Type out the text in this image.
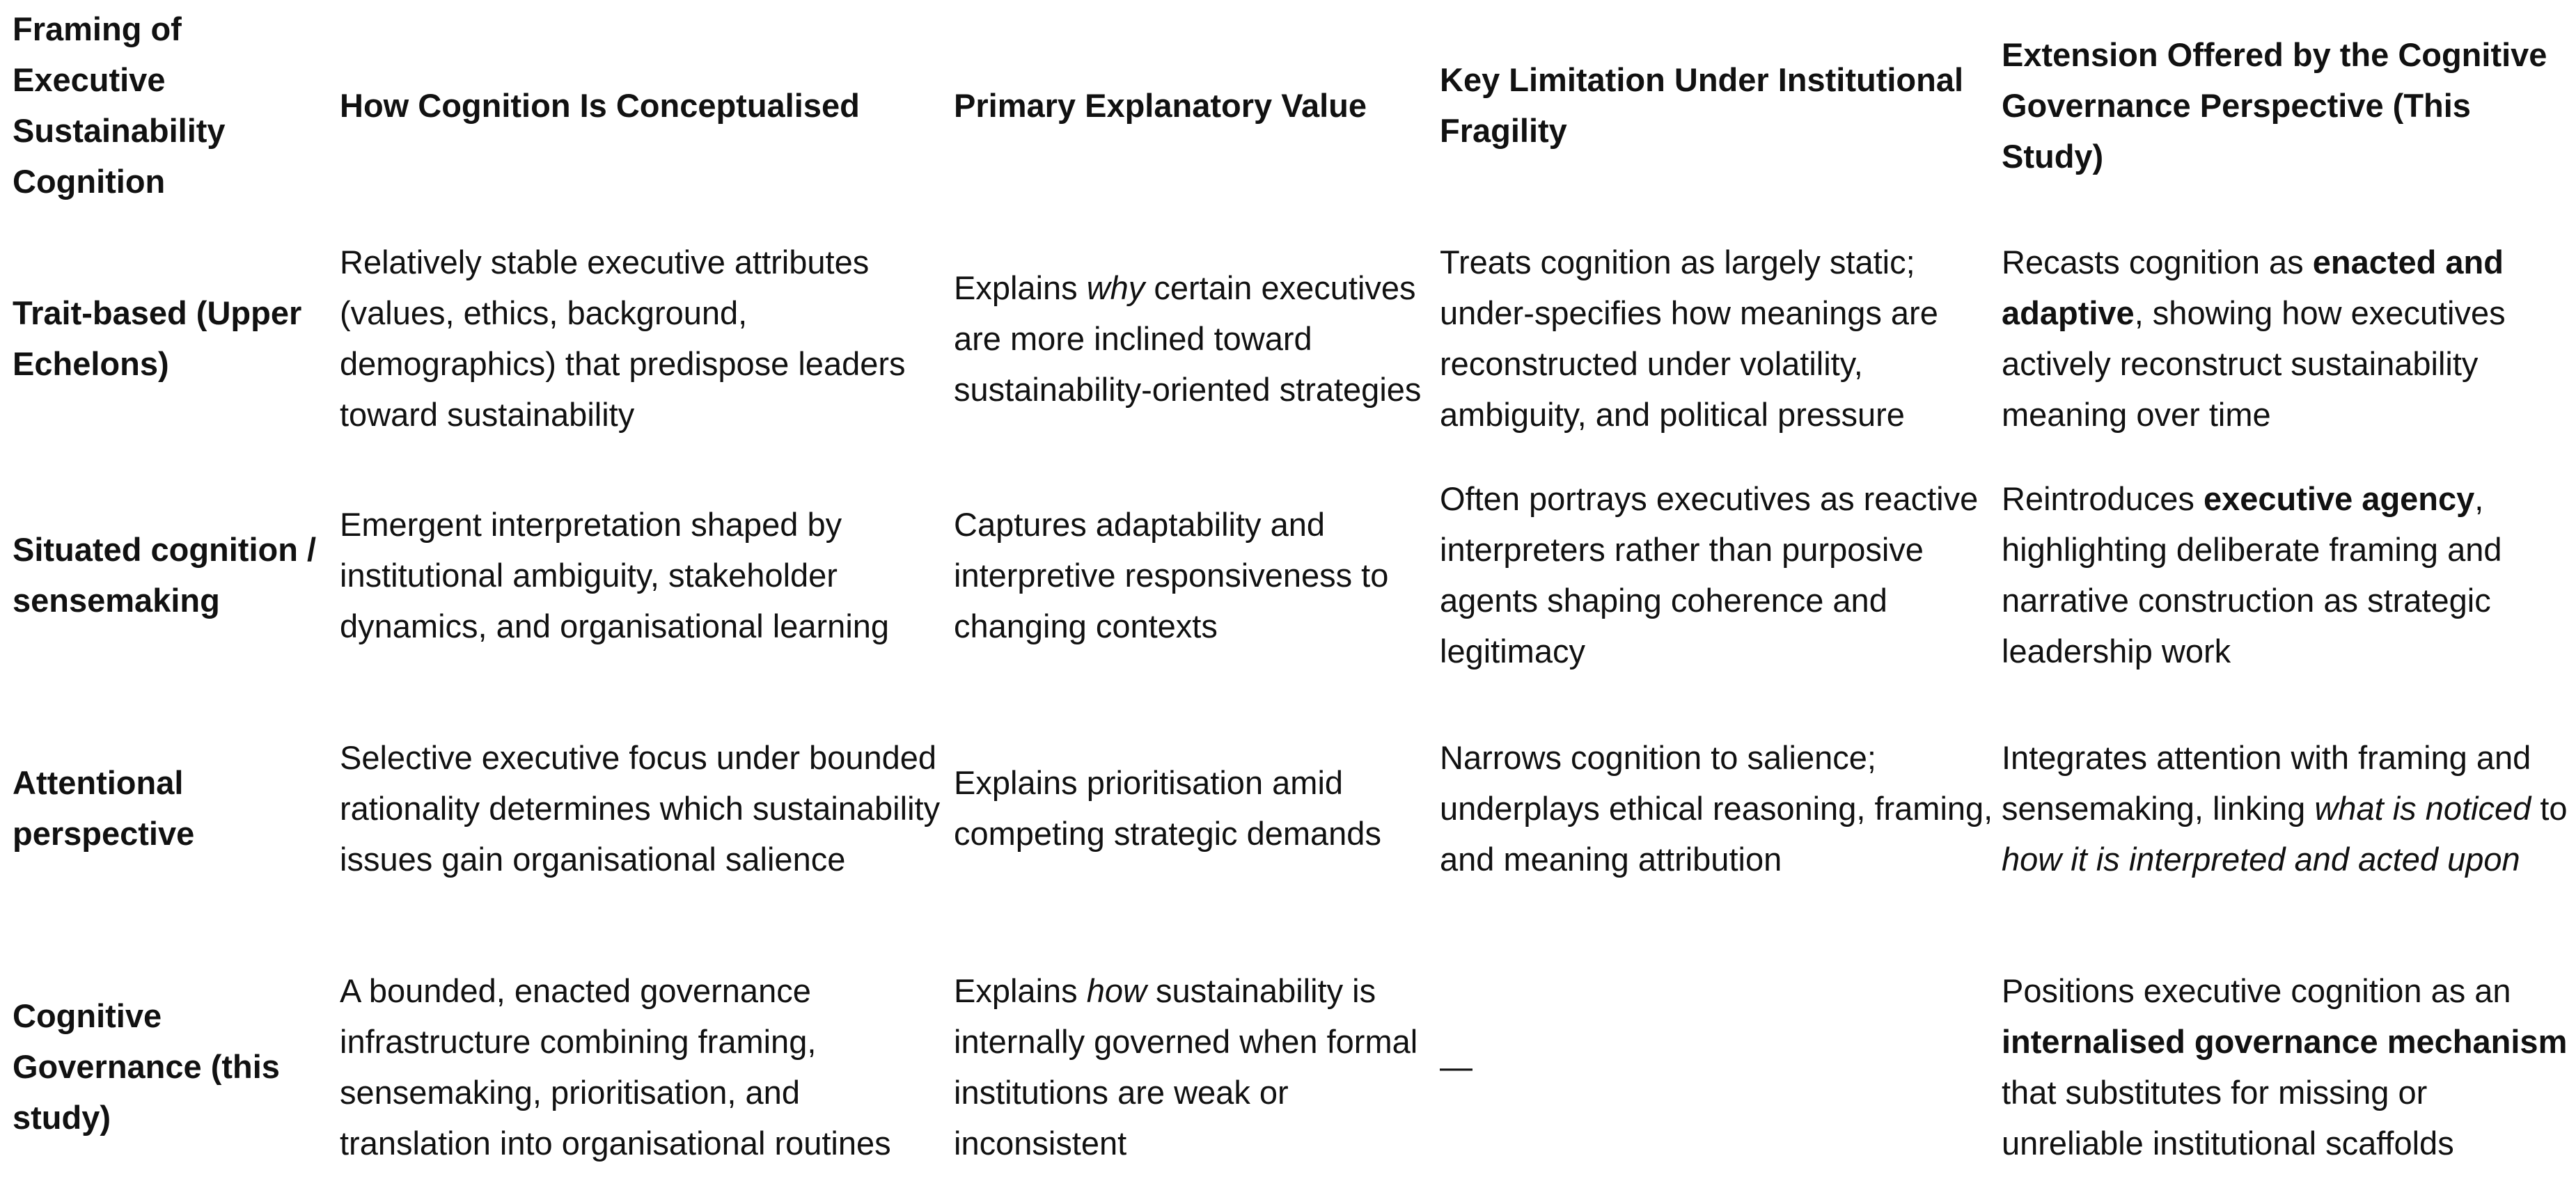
Framing of Executive Sustainability Cognition
How Cognition Is Conceptualised	Primary Explanatory Value
Key Limitation Under Institutional Fragility
Extension Offered by the Cognitive Governance Perspective (This Study)
Trait-based (Upper Echelons)
Relatively stable executive attributes (values, ethics, background, demographics) that predispose leaders toward sustainability
Explains why certain executives are more inclined toward sustainability-oriented strategies
Treats cognition as largely static; under-specifies how meanings are reconstructed under volatility, ambiguity, and political pressure
Recasts cognition as enacted and adaptive, showing how executives actively reconstruct sustainability meaning over time
Situated cognition / sensemaking
Emergent interpretation shaped by institutional ambiguity, stakeholder dynamics, and organisational learning
Captures adaptability and interpretive responsiveness to changing contexts
Often portrays executives as reactive interpreters rather than purposive agents shaping coherence and legitimacy
Reintroduces executive agency, highlighting deliberate framing and narrative construction as strategic leadership work
Attentional perspective
Selective executive focus under bounded rationality determines which sustainability issues gain organisational salience
Explains prioritisation amid competing strategic demands
Narrows cognition to salience; underplays ethical reasoning, framing, and meaning attribution
Integrates attention with framing and sensemaking, linking what is noticed to how it is interpreted and acted upon
Cognitive Governance (this study)
A bounded, enacted governance infrastructure combining framing, sensemaking, prioritisation, and translation into organisational routines
Explains how sustainability is internally governed when formal institutions are weak or inconsistent
—
Positions executive cognition as an internalised governance mechanism that substitutes for missing or unreliable institutional scaffolds
